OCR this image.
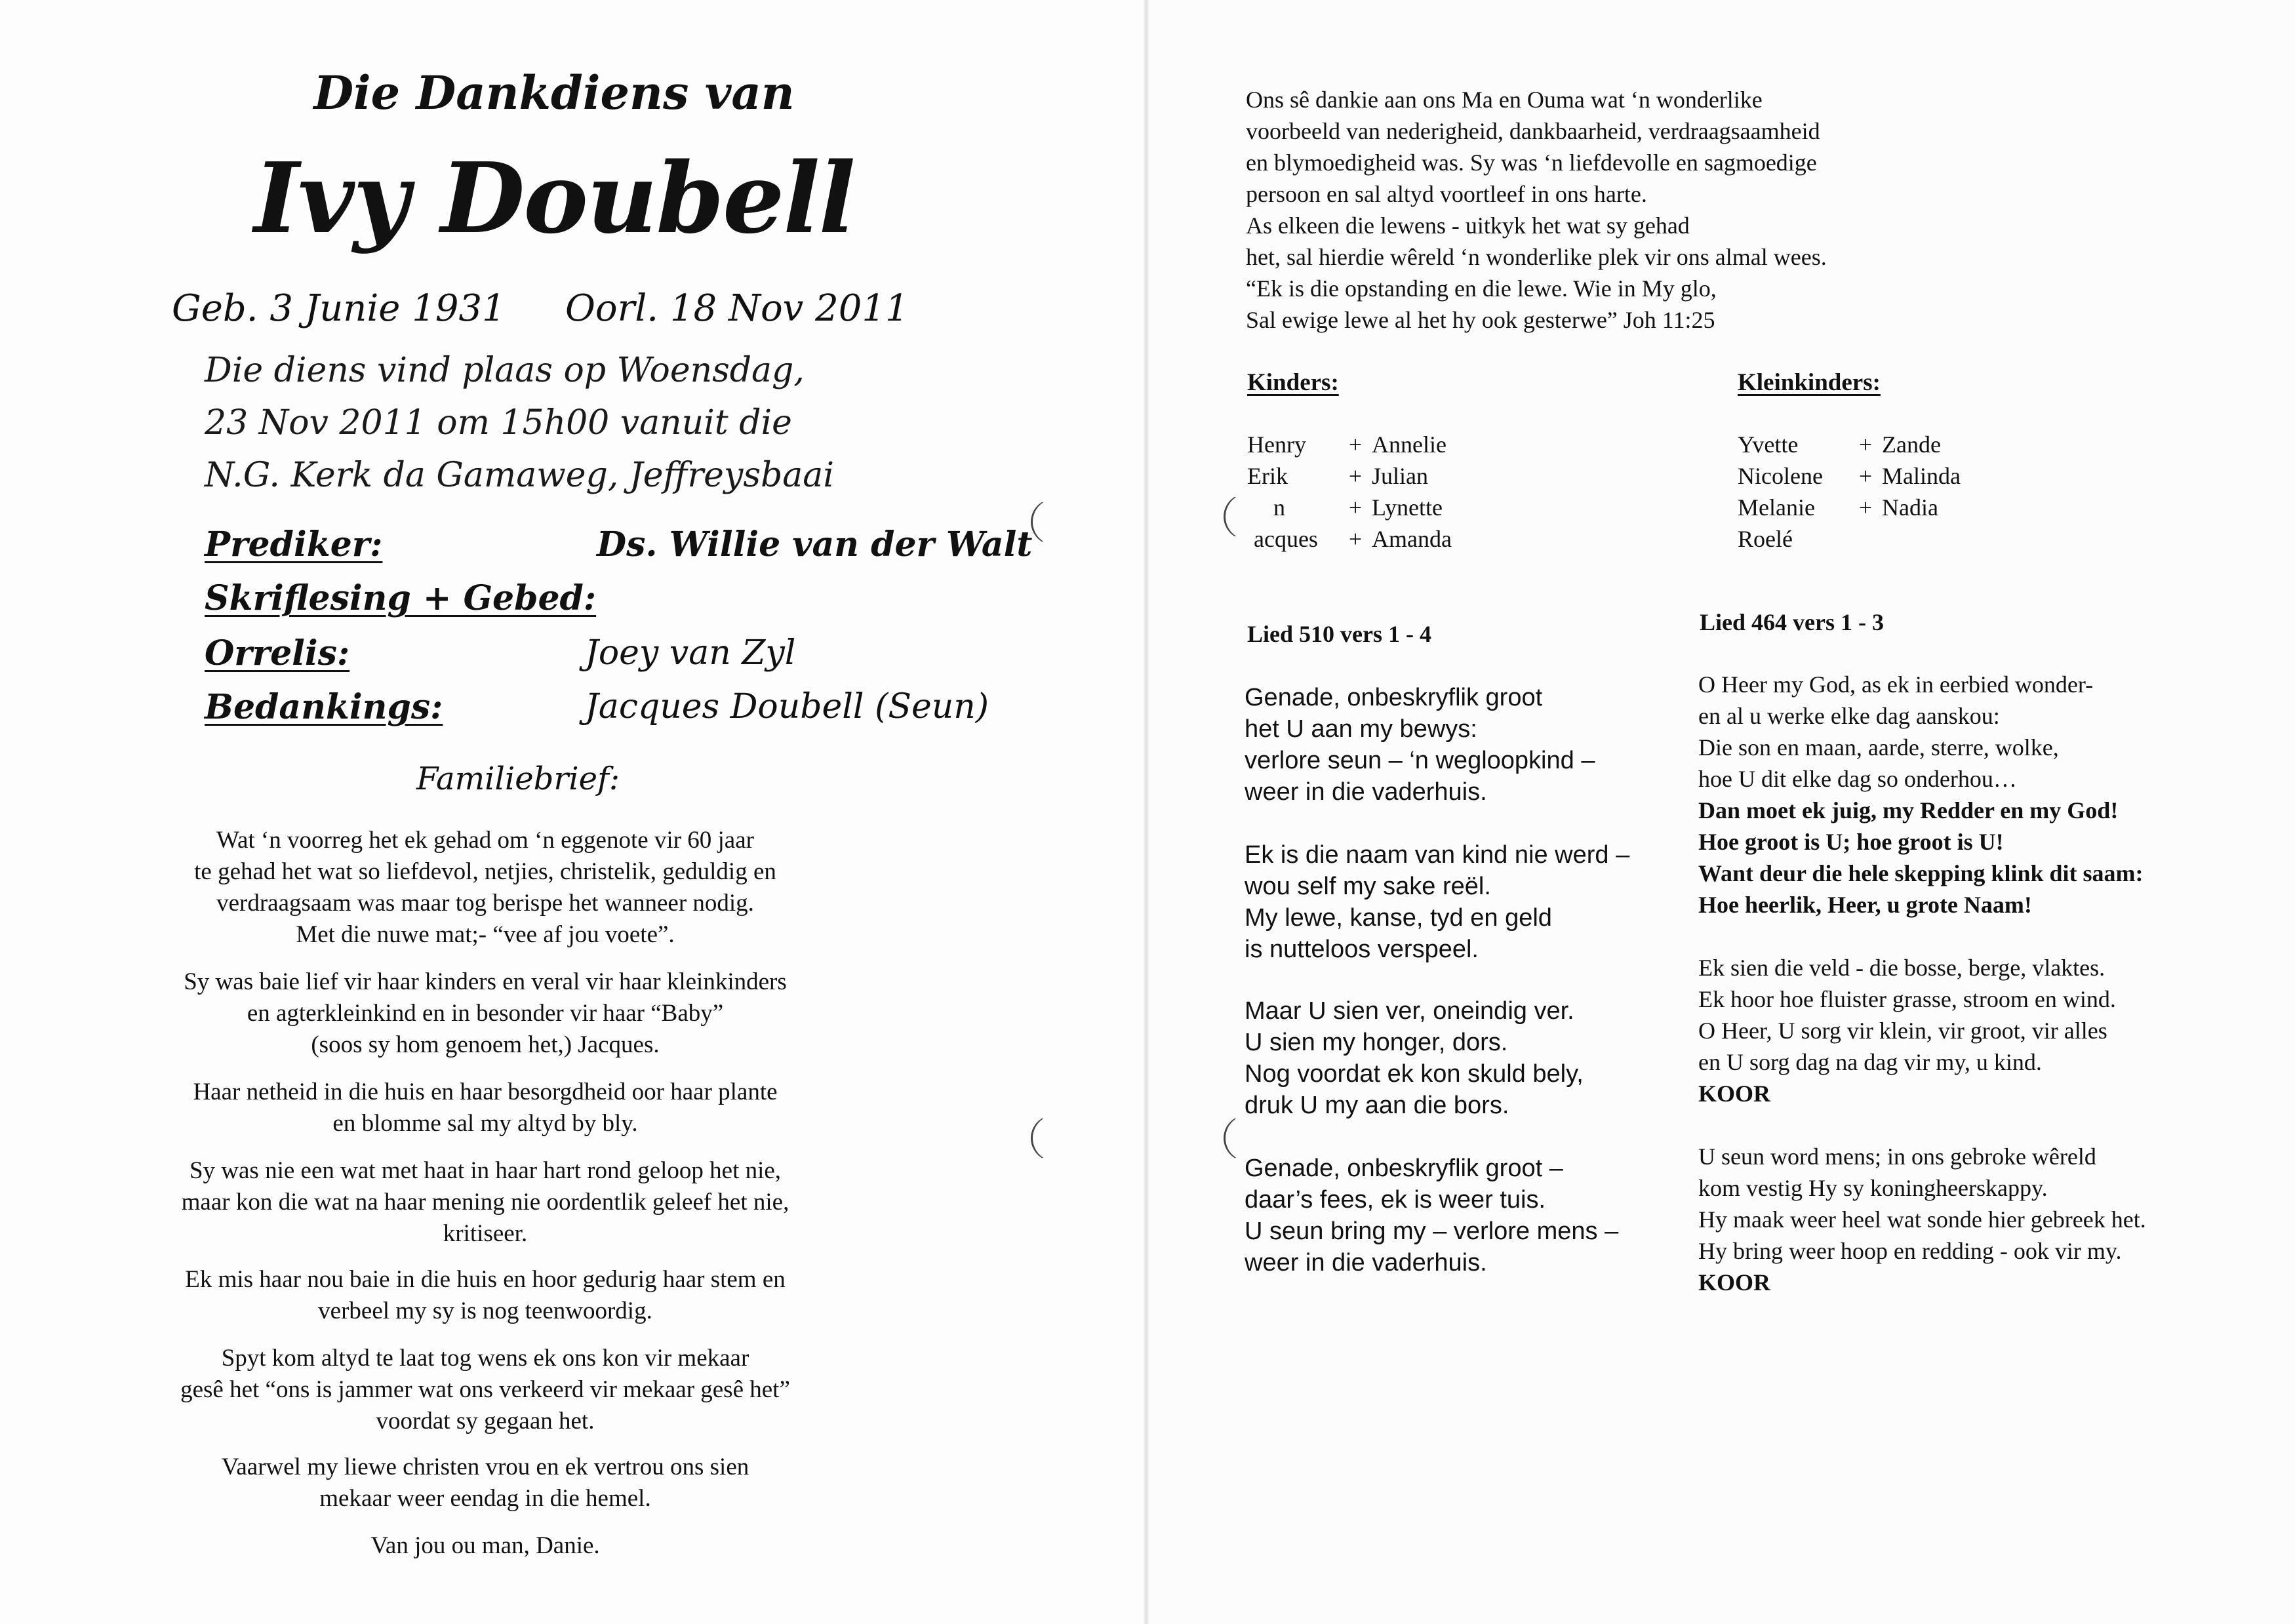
Die Dankdiens van
Ivy Doubell
Geb. 3 Junie 1931 Oorl. 18 Nov 2011
Die diens vind plaas op Woensdag,
23 Nov 2011 om 15h00 vanuit die
N.G. Kerk da Gamaweg, Jeffreysbaai
Prediker:	Ds. Willie van der Walt
Skriflesing + Gebed:
Orrelis:	Joey van Zyl
Bedankings:	Jacques Doubell (Seun)
Familiebrief:
Wat ‘n voorreg het ek gehad om ‘n eggenote vir 60 jaar
te gehad het wat so liefdevol, netjies, christelik, geduldig en
verdraagsaam was maar tog berispe het wanneer nodig.
Met die nuwe mat;- “vee af jou voete”.
Sy was baie lief vir haar kinders en veral vir haar kleinkinders
en agterkleinkind en in besonder vir haar “Baby”
(soos sy hom genoem het,) Jacques.
Haar netheid in die huis en haar besorgdheid oor haar plante
en blomme sal my altyd by bly.
Sy was nie een wat met haat in haar hart rond geloop het nie,
maar kon die wat na haar mening nie oordentlik geleef het nie,
kritiseer.
Ek mis haar nou baie in die huis en hoor gedurig haar stem en
verbeel my sy is nog teenwoordig.
Spyt kom altyd te laat tog wens ek ons kon vir mekaar
gesê het “ons is jammer wat ons verkeerd vir mekaar gesê het”
voordat sy gegaan het.
Vaarwel my liewe christen vrou en ek vertrou ons sien
mekaar weer eendag in die hemel.
Van jou ou man, Danie.
Ons sê dankie aan ons Ma en Ouma wat ‘n wonderlike
voorbeeld van nederigheid, dankbaarheid, verdraagsaamheid
en blymoedigheid was. Sy was ‘n liefdevolle en sagmoedige
persoon en sal altyd voortleef in ons harte.
As elkeen die lewens - uitkyk het wat sy gehad
het, sal hierdie wêreld ‘n wonderlike plek vir ons almal wees.
“Ek is die opstanding en die lewe. Wie in My glo,
Sal ewige lewe al het hy ook gesterwe” Joh 11:25
Kinders:
Henry	+ Annelie
Erik	+ Julian
n	+ Lynette
acques	+ Amanda
Kleinkinders:
Yvette	+ Zande
Nicolene	+ Malinda
Melanie	+ Nadia
Roelé
Lied 510 vers 1 - 4
Genade, onbeskryflik groot
het U aan my bewys:
verlore seun – ‘n wegloopkind –
weer in die vaderhuis.
Ek is die naam van kind nie werd –
wou self my sake reël.
My lewe, kanse, tyd en geld
is nutteloos verspeel.
Maar U sien ver, oneindig ver.
U sien my honger, dors.
Nog voordat ek kon skuld bely,
druk U my aan die bors.
Genade, onbeskryflik groot –
daar’s fees, ek is weer tuis.
U seun bring my – verlore mens –
weer in die vaderhuis.
Lied 464 vers 1 - 3
O Heer my God, as ek in eerbied wonder-
en al u werke elke dag aanskou:
Die son en maan, aarde, sterre, wolke,
hoe U dit elke dag so onderhou…
Dan moet ek juig, my Redder en my God!
Hoe groot is U; hoe groot is U!
Want deur die hele skepping klink dit saam:
Hoe heerlik, Heer, u grote Naam!
Ek sien die veld - die bosse, berge, vlaktes.
Ek hoor hoe fluister grasse, stroom en wind.
O Heer, U sorg vir klein, vir groot, vir alles
en U sorg dag na dag vir my, u kind.
KOOR
U seun word mens; in ons gebroke wêreld
kom vestig Hy sy koningheerskappy.
Hy maak weer heel wat sonde hier gebreek het.
Hy bring weer hoop en redding - ook vir my.
KOOR
